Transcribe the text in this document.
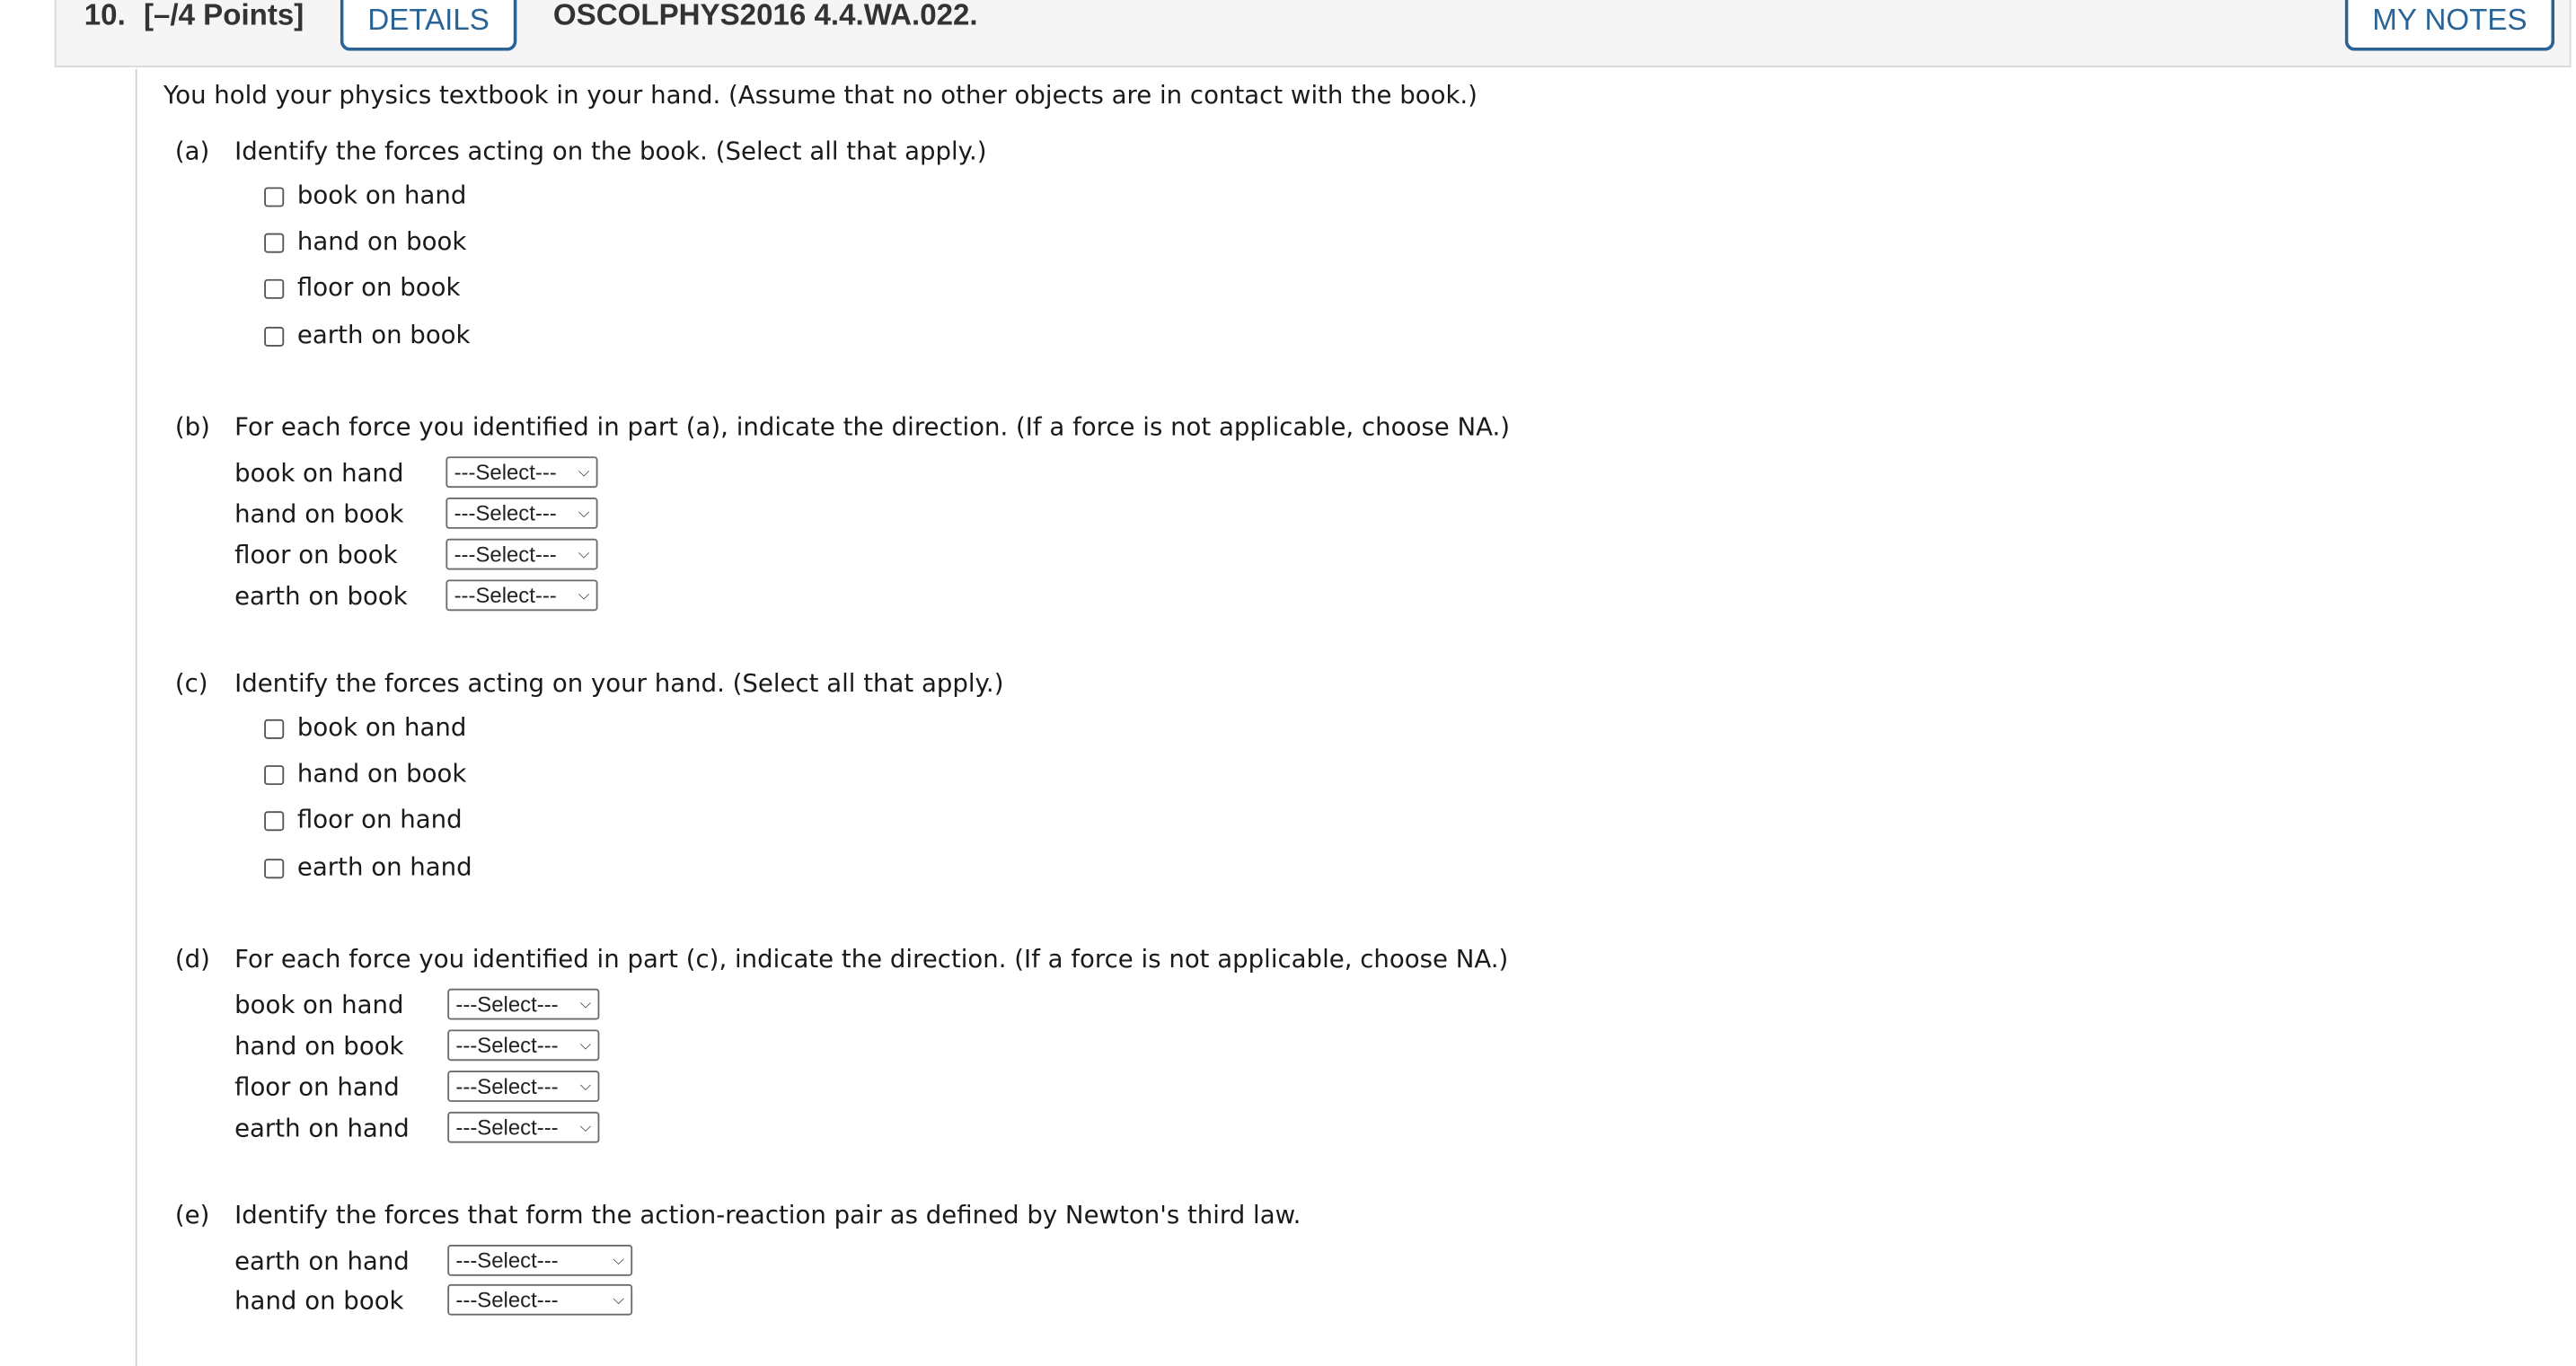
10. [–/4 Points]	DETAILS	OSCOLPHYS2016 4.4.WA.022.	MY NOTES
You hold your physics textbook in your hand. (Assume that no other objects are in contact with the book.)
(a) Identify the forces acting on the book. (Select all that apply.)
book on hand
hand on book
floor on book
earth on book
(b) For each force you identified in part (a), indicate the direction. (If a force is not applicable, choose NA.)
book on hand	---Select---	⌵
hand on book	---Select---	⌵
floor on book	---Select---	⌵
earth on book	---Select---	⌵
(c) Identify the forces acting on your hand. (Select all that apply.)
book on hand
hand on book
floor on hand
earth on hand
(d) For each force you identified in part (c), indicate the direction. (If a force is not applicable, choose NA.)
book on hand	---Select---	⌵
hand on book	---Select---	⌵
floor on hand	---Select---	⌵
earth on hand	---Select---	⌵
(e) Identify the forces that form the action-reaction pair as defined by Newton's third law.
earth on hand	---Select---	⌵
hand on book	---Select---	⌵
